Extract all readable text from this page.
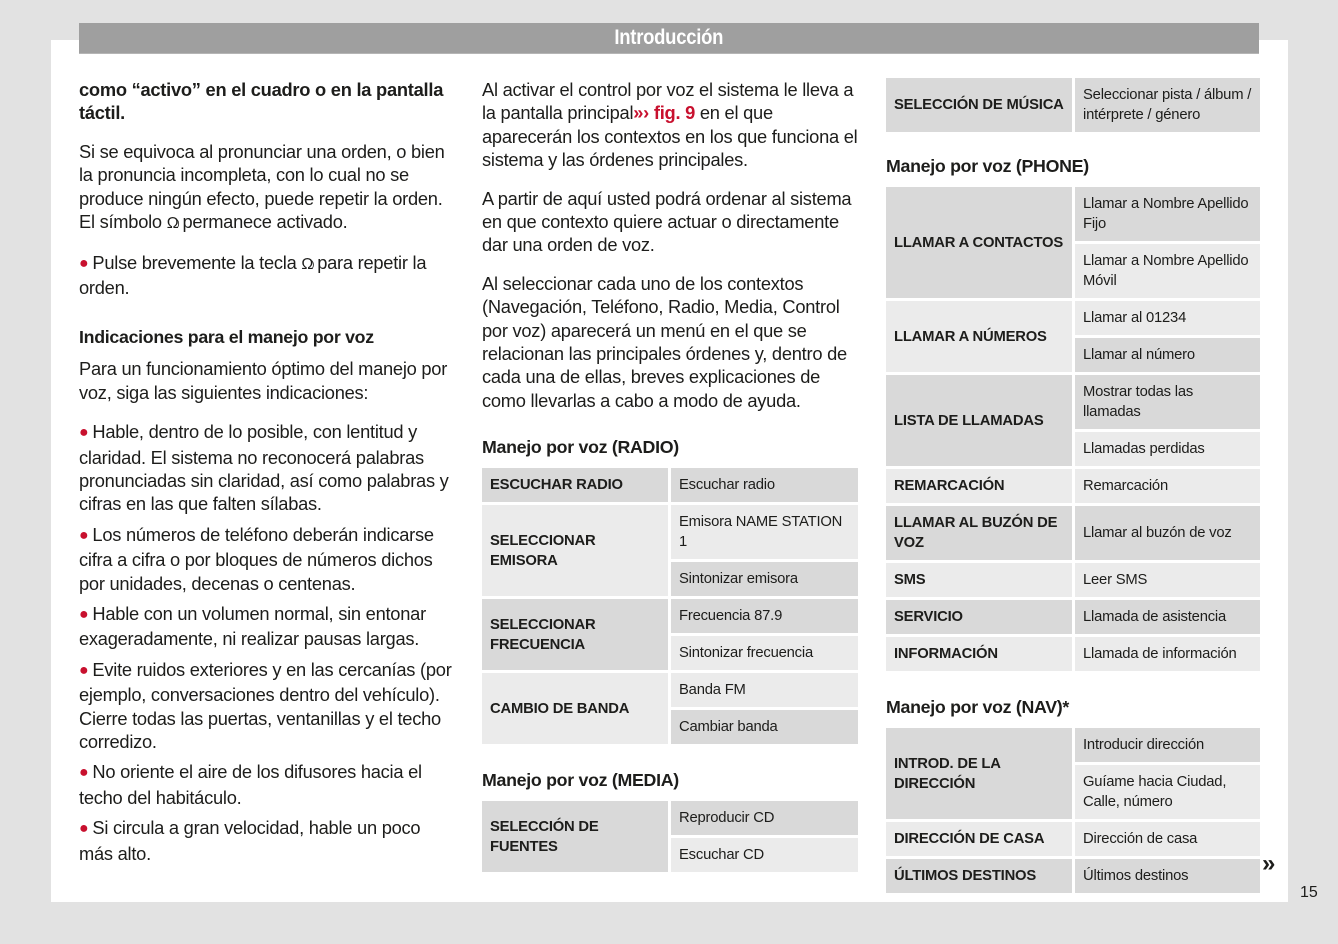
Introducción

como “activo” en el cuadro o en la pantalla táctil.

Si se equivoca al pronunciar una orden, o bien la pronuncia incompleta, con lo cual no se produce ningún efecto, puede repetir la orden. El símbolo Ω) permanece activado.

● Pulse brevemente la tecla Ω) para repetir la orden.

Indicaciones para el manejo por voz

Para un funcionamiento óptimo del manejo por voz, siga las siguientes indicaciones:

● Hable, dentro de lo posible, con lentitud y claridad. El sistema no reconocerá palabras pronunciadas sin claridad, así como palabras y cifras en las que falten sílabas.

● Los números de teléfono deberán indicarse cifra a cifra o por bloques de números dichos por unidades, decenas o centenas.

● Hable con un volumen normal, sin entonar exageradamente, ni realizar pausas largas.

● Evite ruidos exteriores y en las cercanías (por ejemplo, conversaciones dentro del vehículo). Cierre todas las puertas, ventanillas y el techo corredizo.

● No oriente el aire de los difusores hacia el techo del habitáculo.

● Si circula a gran velocidad, hable un poco más alto.

Al activar el control por voz el sistema le lleva a la pantalla principal»› fig. 9 en el que aparecerán los contextos en los que funciona el sistema y las órdenes principales.

A partir de aquí usted podrá ordenar al sistema en que contexto quiere actuar o directamente dar una orden de voz.

Al seleccionar cada uno de los contextos (Navegación, Teléfono, Radio, Media, Control por voz) aparecerá un menú en el que se relacionan las principales órdenes y, dentro de cada una de ellas, breves explicaciones de como llevarlas a cabo a modo de ayuda.

Manejo por voz (RADIO)

ESCUCHAR RADIO	Escuchar radio
SELECCIONAR EMISORA	Emisora NAME STATION 1
	Sintonizar emisora
SELECCIONAR FRECUENCIA	Frecuencia 87.9
	Sintonizar frecuencia
CAMBIO DE BANDA	Banda FM
	Cambiar banda

Manejo por voz (MEDIA)

SELECCIÓN DE FUENTES	Reproducir CD
Escuchar CD
SELECCIÓN DE MÚSICA	Seleccionar pista / álbum / intérprete / género

Manejo por voz (PHONE)

LLAMAR A CONTACTOS	Llamar a Nombre Apellido Fijo
	Llamar a Nombre Apellido Móvil
LLAMAR A NÚMEROS	Llamar al 01234
	Llamar al número
LISTA DE LLAMADAS	Mostrar todas las llamadas
	Llamadas perdidas
REMARCACIÓN	Remarcación
LLAMAR AL BUZÓN DE VOZ	Llamar al buzón de voz
SMS	Leer SMS
SERVICIO	Llamada de asistencia
INFORMACIÓN	Llamada de información

Manejo por voz (NAV)*

INTROD. DE LA DIRECCIÓN	Introducir dirección
	Guíame hacia Ciudad, Calle, número
DIRECCIÓN DE CASA	Dirección de casa
ÚLTIMOS DESTINOS	Últimos destinos	»
15
